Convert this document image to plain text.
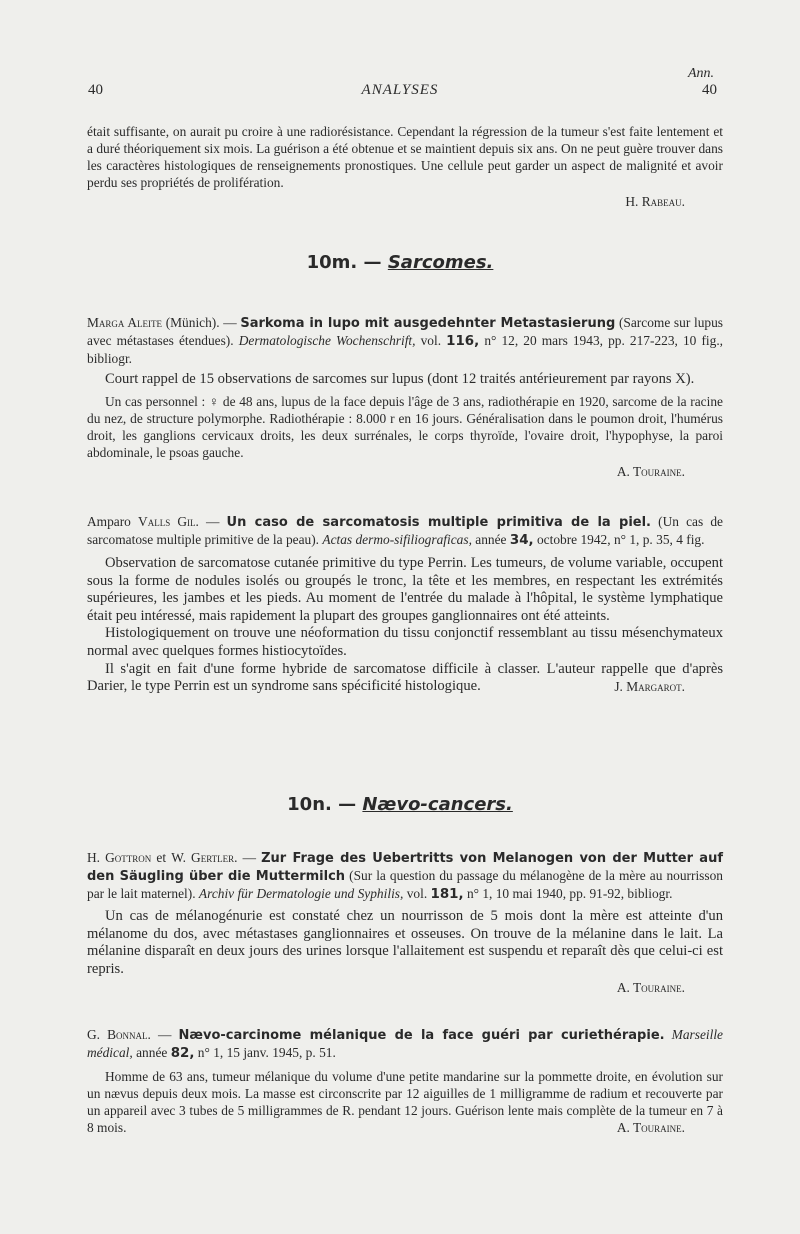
Ann.
40	ANALYSES	40

était suffisante, on aurait pu croire à une radiorésistance. Cependant la régression de la tumeur s'est faite lentement et a duré théoriquement six mois. La guérison a été obtenue et se maintient depuis six ans. On ne peut guère trouver dans les caractères histologiques de renseignements pronostiques. Une cellule peut garder un aspect de malignité et avoir perdu ses propriétés de prolifération.

H. Rabeau.

10m. — Sarcomes.

Marga Aleite (Münich). — Sarkoma in lupo mit ausgedehnter Metastasierung (Sarcome sur lupus avec métastases étendues). Dermatologische Wochenschrift, vol. 116, n° 12, 20 mars 1943, pp. 217-223, 10 fig., bibliogr.

Court rappel de 15 observations de sarcomes sur lupus (dont 12 traités antérieurement par rayons X).

Un cas personnel : ♀ de 48 ans, lupus de la face depuis l'âge de 3 ans, radiothérapie en 1920, sarcome de la racine du nez, de structure polymorphe. Radiothérapie : 8.000 r en 16 jours. Généralisation dans le poumon droit, l'humérus droit, les ganglions cervicaux droits, les deux surrénales, le corps thyroïde, l'ovaire droit, l'hypophyse, la paroi abdominale, le psoas gauche.

A. Touraine.

Amparo Valls Gil. — Un caso de sarcomatosis multiple primitiva de la piel. (Un cas de sarcomatose multiple primitive de la peau). Actas dermo-sifiliograficas, année 34, octobre 1942, n° 1, p. 35, 4 fig.

Observation de sarcomatose cutanée primitive du type Perrin. Les tumeurs, de volume variable, occupent sous la forme de nodules isolés ou groupés le tronc, la tête et les membres, en respectant les extrémités supérieures, les jambes et les pieds. Au moment de l'entrée du malade à l'hôpital, le système lymphatique était peu intéressé, mais rapidement la plupart des groupes ganglionnaires ont été atteints.

Histologiquement on trouve une néoformation du tissu conjonctif ressemblant au tissu mésenchymateux normal avec quelques formes histiocytoïdes.

Il s'agit en fait d'une forme hybride de sarcomatose difficile à classer. L'auteur rappelle que d'après Darier, le type Perrin est un syndrome sans spécificité histologique.	J. Margarot.

10n. — Nævo-cancers.

H. Gottron et W. Gertler. — Zur Frage des Uebertritts von Melanogen von der Mutter auf den Säugling über die Muttermilch (Sur la question du passage du mélanogène de la mère au nourrisson par le lait maternel). Archiv für Dermatologie und Syphilis, vol. 181, n° 1, 10 mai 1940, pp. 91-92, bibliogr.

Un cas de mélanogénurie est constaté chez un nourrisson de 5 mois dont la mère est atteinte d'un mélanome du dos, avec métastases ganglionnaires et osseuses. On trouve de la mélanine dans le lait. La mélanine disparaît en deux jours des urines lorsque l'allaitement est suspendu et reparaît dès que celui-ci est repris.

A. Touraine.

G. Bonnal. — Nævo-carcinome mélanique de la face guéri par curiethérapie. Marseille médical, année 82, n° 1, 15 janv. 1945, p. 51.

Homme de 63 ans, tumeur mélanique du volume d'une petite mandarine sur la pommette droite, en évolution sur un nævus depuis deux mois. La masse est circonscrite par 12 aiguilles de 1 milligramme de radium et recouverte par un appareil avec 3 tubes de 5 milligrammes de R. pendant 12 jours. Guérison lente mais complète de la tumeur en 7 à 8 mois.	A. Touraine.
